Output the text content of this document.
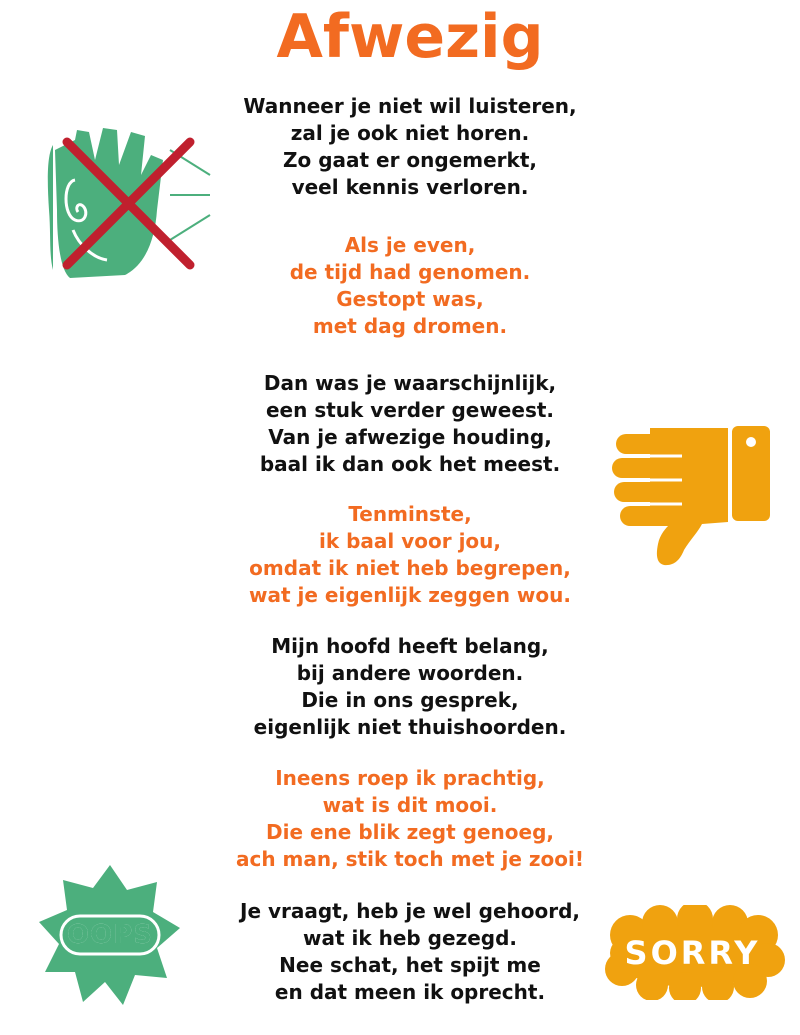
Afwezig
Wanneer je niet wil luisteren,
zal je ook niet horen.
Zo gaat er ongemerkt,
veel kennis verloren.
Als je even,
de tijd had genomen.
Gestopt was,
met dag dromen.
Dan was je waarschijnlijk,
een stuk verder geweest.
Van je afwezige houding,
baal ik dan ook het meest.
Tenminste,
ik baal voor jou,
omdat ik niet heb begrepen,
wat je eigenlijk zeggen wou.
Mijn hoofd heeft belang,
bij andere woorden.
Die in ons gesprek,
eigenlijk niet thuishoorden.
Ineens roep ik prachtig,
wat is dit mooi.
Die ene blik zegt genoeg,
ach man, stik toch met je zooi!
Je vraagt, heb je wel gehoord,
wat ik heb gezegd.
Nee schat, het spijt me
en dat meen ik oprecht.
OOPS	SORRY
